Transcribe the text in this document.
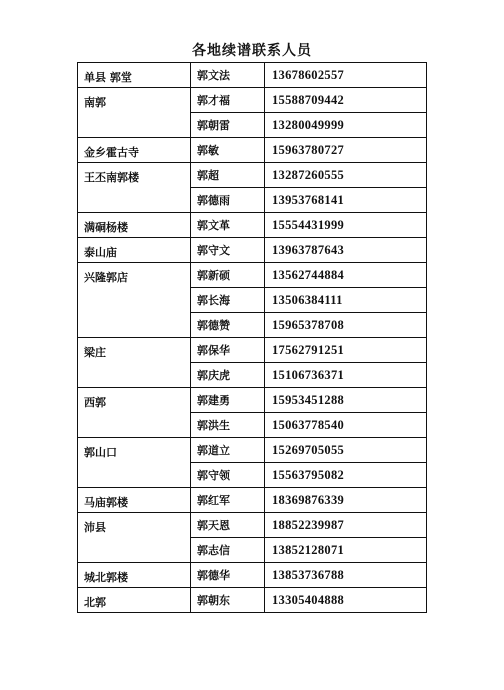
各地续谱联系人员
单县 郭堂	郭文法	13678602557
南郭	郭才福	15588709442
	郭朝雷	13280049999
金乡霍古寺	郭敏	15963780727
王丕南郭楼	郭超	13287260555
	郭德雨	13953768141
满硐杨楼	郭文革	15554431999
泰山庙	郭守文	13963787643
兴隆郭店	郭新硕	13562744884
	郭长海	13506384111
	郭德赞	15965378708
梁庄	郭保华	17562791251
	郭庆虎	15106736371
西郭	郭建勇	15953451288
	郭洪生	15063778540
郭山口	郭道立	15269705055
	郭守领	15563795082
马庙郭楼	郭红军	18369876339
沛县	郭天恩	18852239987
	郭志信	13852128071
城北郭楼	郭德华	13853736788
北郭	郭朝东	13305404888
